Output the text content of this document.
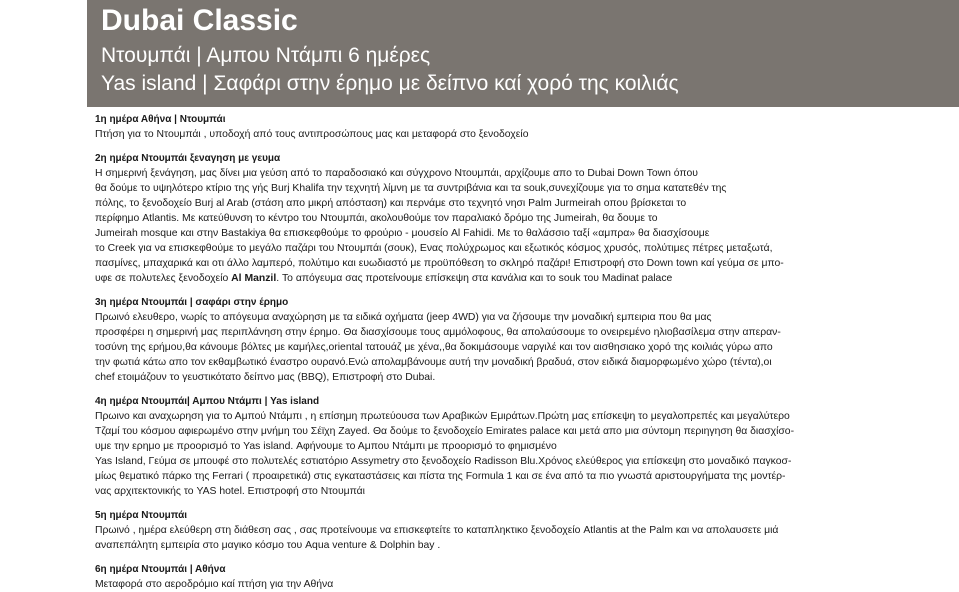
Dubai Classic
Ντουμπάι | Αμπου Ντάμπι 6 ημέρες
Yas island | Σαφάρι στην έρημο με δείπνο καί χορό της κοιλιάς
1η ημέρα Αθήνα | Ντουμπάι
Πτήση για το Ντουμπάι , υποδοχή από τους αντιπροσώπους μας και μεταφορά στο ξενοδοχείο
2η ημέρα Ντουμπάι ξεναγηση με γευμα
Η σημερινή ξενάγηση, μας δίνει μια γεύση από το παραδοσιακό και σύγχρονο Ντουμπάι, αρχίζουμε απο το Dubai Down Town όπου
θα δούμε το υψηλότερο κτίριο της γής Burj Khalifa την τεχνητή λίμνη με τα συντριβάνια και τα souk,συνεχίζουμε για το σημα κατατεθέν της
πόλης, το ξενοδοχείο Burj al Arab (στάση απο μικρή απόσταση) και περνάμε στο τεχνητό νησι Palm Jurmeirah οπου βρίσκεται το
περίφημο Atlantis. Με κατεύθυνση το κέντρο του Ντουμπάι, ακολουθούμε τον παραλιακό δρόμο της Jumeirah, θα δουμε το
Jumeirah mosque και στην Bastakiya θα επισκεφθούμε το φρούριο - μουσείο Al Fahidi. Με το θαλάσσιο ταξί «αμπρα» θα διασχίσουμε
το Creek για να επισκεφθούμε το μεγάλο παζάρι του Ντουμπάι (σουκ), Ενας πολύχρωμος και εξωτικός κόσμος χρυσός, πολύτιμες πέτρες μεταξωτά,
πασμίνες, μπαχαρικά και οτι άλλο λαμπερό, πολύτιμο και ευωδιαστό με προϋπόθεση το σκληρό παζάρι! Επιστροφή στο Down town καί γεύμα σε μπο-
υφε σε πολυτελες ξενοδοχείο Al Manzil. Το απόγευμα σας προτείνουμε επίσκεψη στα κανάλια και το souk του Madinat palace
3η ημέρα Ντουμπάι | σαφάρι στην έρημο
Πρωινό ελευθερο, νωρίς το απόγευμα αναχώρηση με τα ειδικά οχήματα (jeep 4WD) για να ζήσουμε την μοναδική εμπειρια που θα μας
προσφέρει η σημερινή μας περιπλάνηση στην έρημο. Θα διασχίσουμε τους αμμόλοφους, θα απολαύσουμε το ονειρεμένο ηλιοβασίλεμα στην απεραν-
τοσύνη της ερήμου,θα κάνουμε βόλτες με καμήλες,oriental τατουάζ με χένα,,θα δοκιμάσουμε ναργιλέ και τον αισθησιακο χορό της κοιλιάς γύρω απο
την φωτιά κάτω απο τον εκθαμβωτικό έναστρο ουρανό.Ενώ απολαμβάνουμε αυτή την μοναδική βραδυά, στον ειδικά διαμορφωμένο χώρο (τέντα),οι
chef ετοιμάζουν το γευστικότατο δείπνο μας (BBQ), Επιστροφή στο Dubai.
4η ημέρα Ντουμπάι| Αμπου Ντάμπι | Yas island
Πρωινο και αναχωρηση για το Αμπού Ντάμπι , η επίσημη πρωτεύουσα των Αραβικών Εμιράτων.Πρώτη μας επίσκεψη το μεγαλοπρεπές και μεγαλύτερο
Τζαμί του κόσμου αφιερωμένο στην μνήμη του Σέϊχη Zayed. Θα δούμε το ξενοδοχείο Emirates palace και μετά απο μια σύντομη περιηγηση θα διασχίσο-
υμε την ερημο με προορισμό το Yas island. Αφήνουμε το Αμπου Ντάμπι με προορισμό το φημισμένο
Yas Island, Γεύμα σε μπουφέ στο πολυτελές εστιατόριο Assymetry στο ξενοδοχείο Radisson Blu.Χρόνος ελεύθερος για επίσκεψη στο μοναδικό παγκοσ-
μίως θεματικό πάρκο της Ferrari ( προαιρετικά) στις εγκαταστάσεις και πίστα της Formula 1 και σε ένα από τα πιο γνωστά αριστουργήματα της μοντέρ-
νας αρχιτεκτονικής το YAS hotel. Επιστροφή στο Ντουμπάι
5η ημέρα Ντουμπάι
Πρωινό , ημέρα ελεύθερη στη διάθεση σας , σας προτείνουμε να επισκεφτείτε το καταπληκτικο ξενοδοχείο Atlantis at the Palm και να απολαυσετε μιά
αναπεπάλητη εμπειρία στο μαγικο κόσμο του Aqua venture & Dolphin bay .
6η ημέρα Ντουμπάι | Αθήνα
Μεταφορά στο αεροδρόμιο καί πτήση για την Αθήνα
